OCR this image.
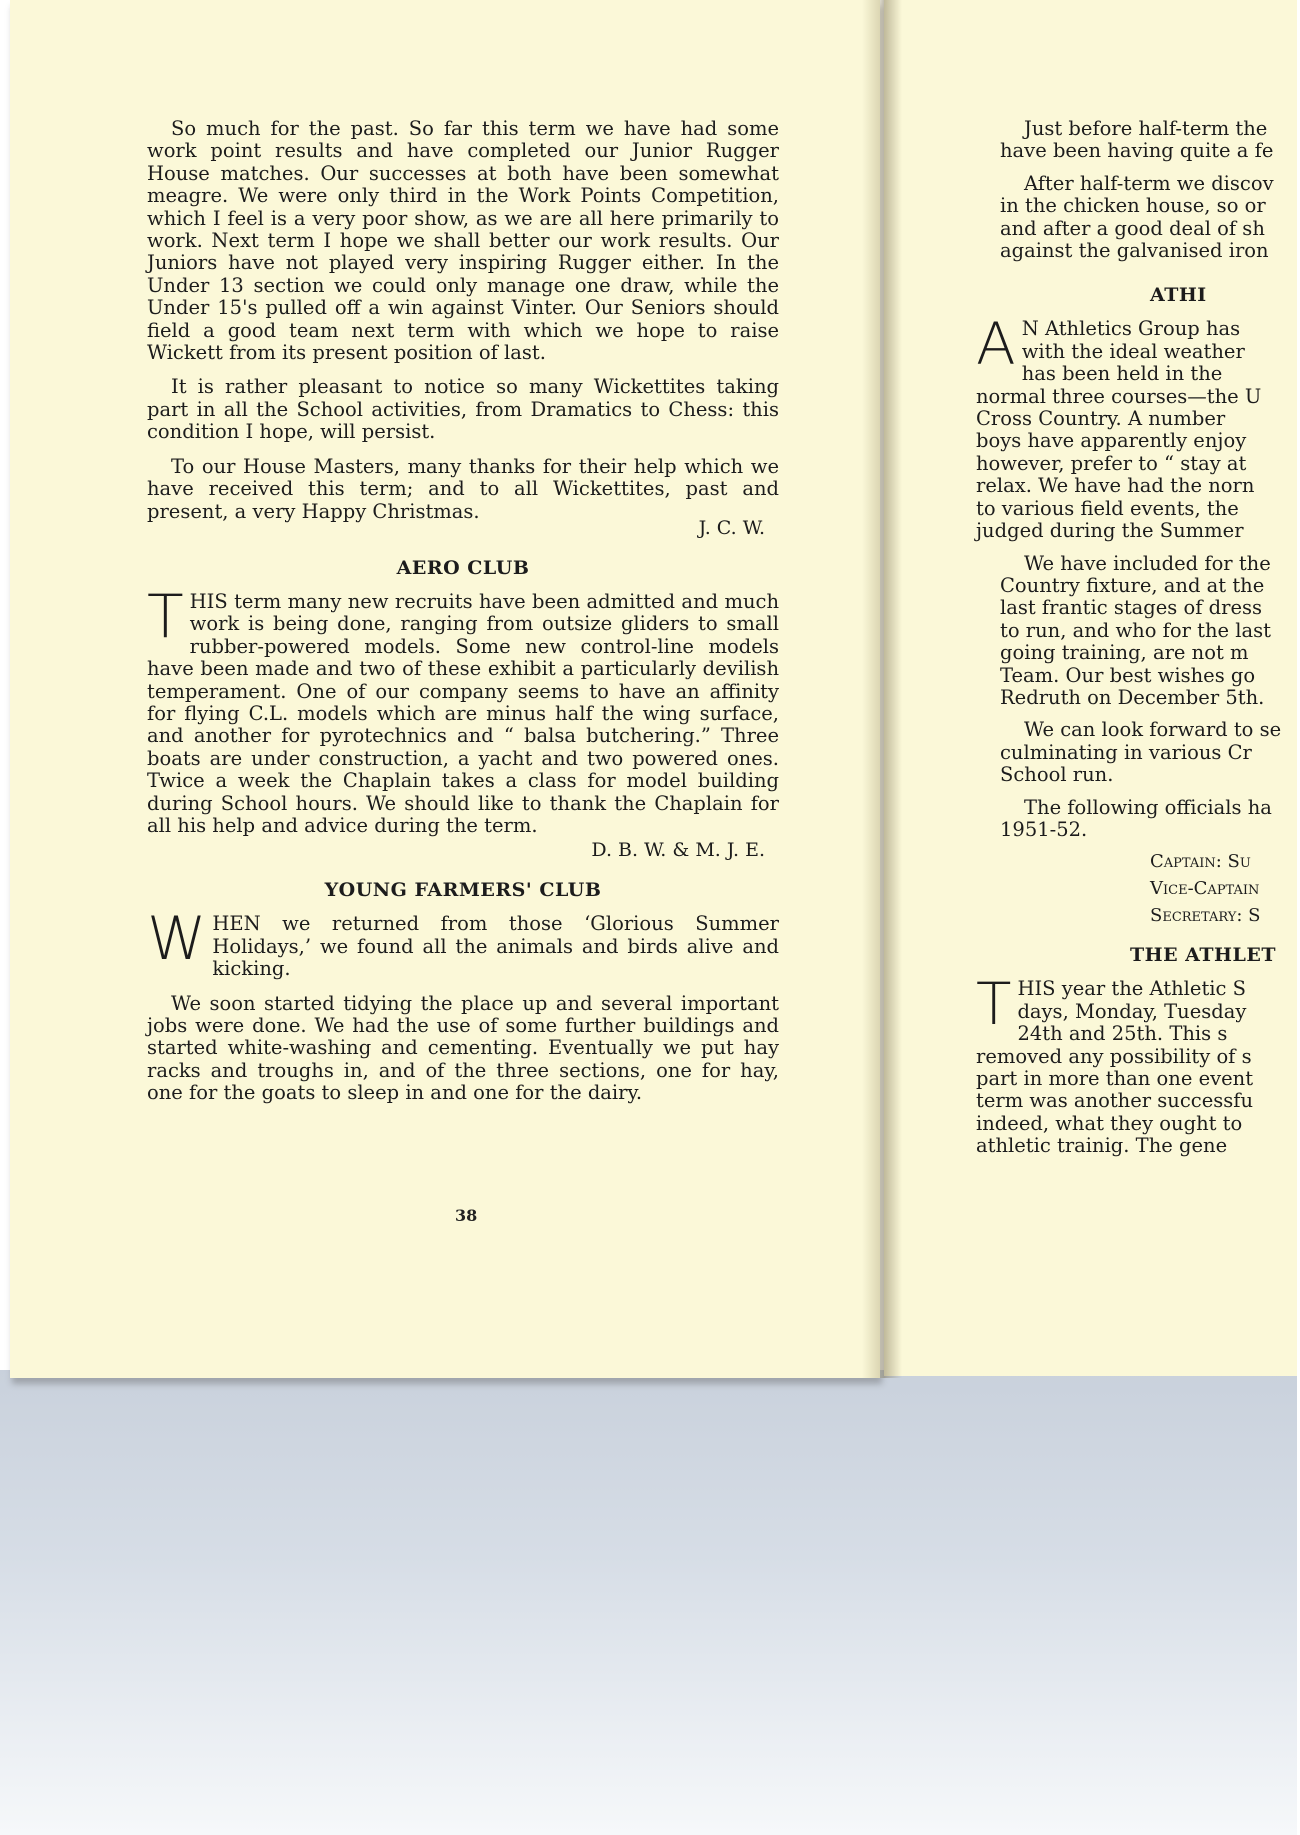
So much for the past. So far this term we have had some work point results and have completed our Junior Rugger House matches. Our successes at both have been somewhat meagre. We were only third in the Work Points Competition, which I feel is a very poor show, as we are all here primarily to work. Next term I hope we shall better our work results. Our Juniors have not played very inspiring Rugger either. In the Under 13 section we could only manage one draw, while the Under 15's pulled off a win against Vinter. Our Seniors should field a good team next term with which we hope to raise Wickett from its present position of last.

It is rather pleasant to notice so many Wickettites taking part in all the School activities, from Dramatics to Chess: this condition I hope, will persist.

To our House Masters, many thanks for their help which we have received this term; and to all Wickettites, past and present, a very Happy Christmas.

J. C. W.
AERO CLUB

THIS term many new recruits have been admitted and much work is being done, ranging from outsize gliders to small rubber-powered models. Some new control-line models have been made and two of these exhibit a particularly devilish temperament. One of our company seems to have an affinity for flying C.L. models which are minus half the wing surface, and another for pyrotechnics and “ balsa butchering.” Three boats are under construction, a yacht and two powered ones. Twice a week the Chaplain takes a class for model building during School hours. We should like to thank the Chaplain for all his help and advice during the term.

D. B. W. & M. J. E.
YOUNG FARMERS' CLUB

WHEN we returned from those ‘Glorious Summer Holidays,’ we found all the animals and birds alive and kicking.

We soon started tidying the place up and several important jobs were done. We had the use of some further buildings and started white-washing and cementing. Eventually we put hay racks and troughs in, and of the three sections, one for hay, one for the goats to sleep in and one for the dairy.

38

Just before half-term the
have been having quite a fe

After half-term we discov
in the chicken house, so or
and after a good deal of sh
against the galvanised iron

ATHI

A N Athletics Group has
with the ideal weather
has been held in the
normal three courses—the U
Cross Country. A number
boys have apparently enjoy
however, prefer to “ stay at
relax. We have had the norn
to various field events, the
judged during the Summer

We have included for the
Country fixture, and at the
last frantic stages of dress
to run, and who for the last
going training, are not m
Team. Our best wishes go
Redruth on December 5th.

We can look forward to se
culminating in various Cr
School run.

The following officials ha
1951-52.

Captain: Su
Vice-Captain
Secretary: S
THE ATHLET

T HIS year the Athletic S
days, Monday, Tuesday
24th and 25th. This s
removed any possibility of s
part in more than one event
term was another successfu
indeed, what they ought to
athletic trainig. The gene
